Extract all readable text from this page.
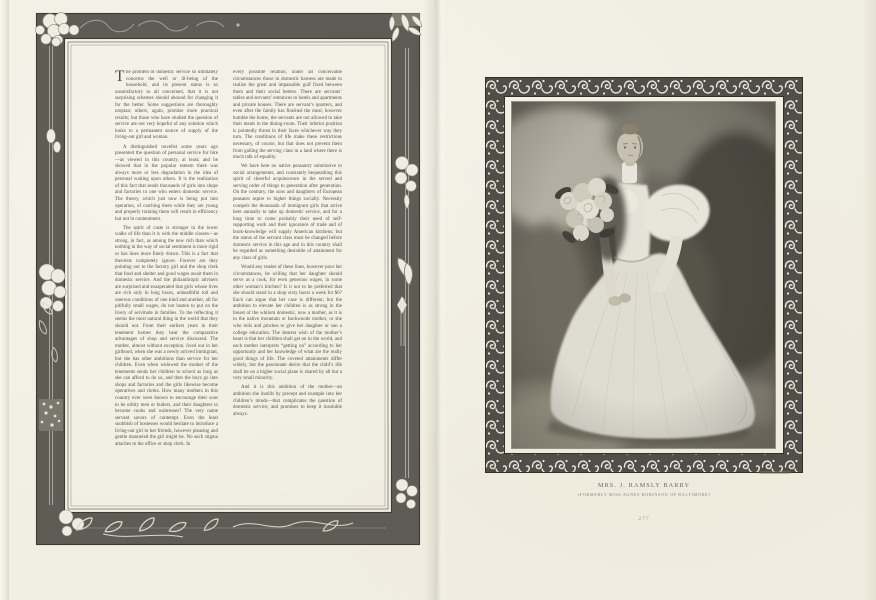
The problem of domestic service so intimately concerns the well or ill-being of the household, and its present status is so unsatisfactory to all concerned, that it is not surprising schemes should abound for changing it for the better. Some suggestions are thoroughly utopian; others, again, promise more practical results; but those who have studied the question of service are not very hopeful of any solution which looks to a permanent source of supply of the living-out girl and woman.

A distinguished novelist some years ago presented the question of personal service for hire—as viewed in this country, at least; and he showed that in the popular esteem there was always more or less degradation in the idea of personal waiting upon others. It is the realization of this fact that sends thousands of girls into shops and factories to one who enters domestic service. The theory, which just now is being put into operation, of catching them while they are young and properly training them will result in efficiency but not in contentment.

The spirit of caste is stronger in the lower walks of life than it is with the middle classes—as strong, in fact, as among the new rich than which nothing in the way of social sentiment is more rigid or has lines more finely drawn. This is a fact that theorists completely ignore. Forever are they pointing out to the factory girl and the shop clerk that food and shelter and good wages await them in domestic service. And the philanthropic advisers are surprised and exasperated that girls whose lives are rich only in long hours, unhealthful toil and onerous conditions of one kind and another, all for pitifully small wages, do not hasten to put on the livery of servitude in families. To the reflecting it seems the most natural thing in the world that they should not. From their earliest years in their tenement homes they hear the comparative advantages of shop and service discussed. The mother, almost without exception, lived out in her girlhood, when she was a newly arrived immigrant, but she has other ambitions than service for her children. Even when widowed the mother of the tenements sends her children to school as long as she can afford to do so, and then the boys go into shops and factories and the girls likewise become operatives and clerks. How many mothers in this country ever were known to encourage their sons to be utility men or butlers, and their daughters to become cooks and waitresses? The very name servant savors of contempt. Even the least snobbish of hostesses would hesitate to introduce a living-out girl to her friends, however pleasing and gentle mannered the girl might be. No such stigma attaches to the office or shop clerk. In

every possible relation, under all conceivable circumstances those in domestic harness are made to realize the great and impassable gulf fixed between them and their social betters. There are servants’ tables and servants’ entrances to hotels and apartments and private houses. There are servant’s quarters, and even after the family has finished the meal, however humble the home, the servants are not allowed to take their meals in the dining-room. Their inferior position is pointedly thrust in their faces whichever way they turn. The conditions of life make these restrictions necessary, of course, but that does not prevent them from galling the serving class in a land where there is much talk of equality.

We have here no native peasantry submissive to social arrangements, and constantly bequeathing this spirit of cheerful acquiescence in the served and serving order of things to generation after generation. On the contrary, the sons and daughters of European peasants aspire to higher things socially. Necessity compels the thousands of immigrant girls that arrive here annually to take up domestic service, and for a long time to come probably their need of self-supporting work and their ignorance of trade and of book-knowledge will supply American kitchens; but the status of the servant class must be changed before domestic service in this age and in this country shall be regarded as something desirable of attainment for any class of girls.

Would any reader of these lines, however poor her circumstances, be willing that her daughter should serve as a cook, for even generous wages, in some other woman’s kitchen? Is it not to be preferred that she should stand in a shop sixty hours a week for $6? Each can argue that her case is different; but the ambition to elevate her children is as strong in the breast of the whilom domestic, now a mother, as it is in the native mountain or backwoods mother, or she who toils and pinches to give her daughter or son a college education. The dearest wish of the mother’s heart is that her children shall get on in the world, and each mother interprets “getting on” according to her opportunity and her knowledge of what are the really good things of life. The coveted attainments differ widely, but the passionate desire that the child’s life shall be on a higher social plane is shared by all but a very small minority.

And it is this ambition of the mother—an ambition she instills by precept and example into her children’s minds—that complicates the question of domestic service, and promises to keep it insoluble always.

MRS. J. RAMSLY BARRY
(FORMERLY MISS AGNES ROBINSON OF BALTIMORE)
277
